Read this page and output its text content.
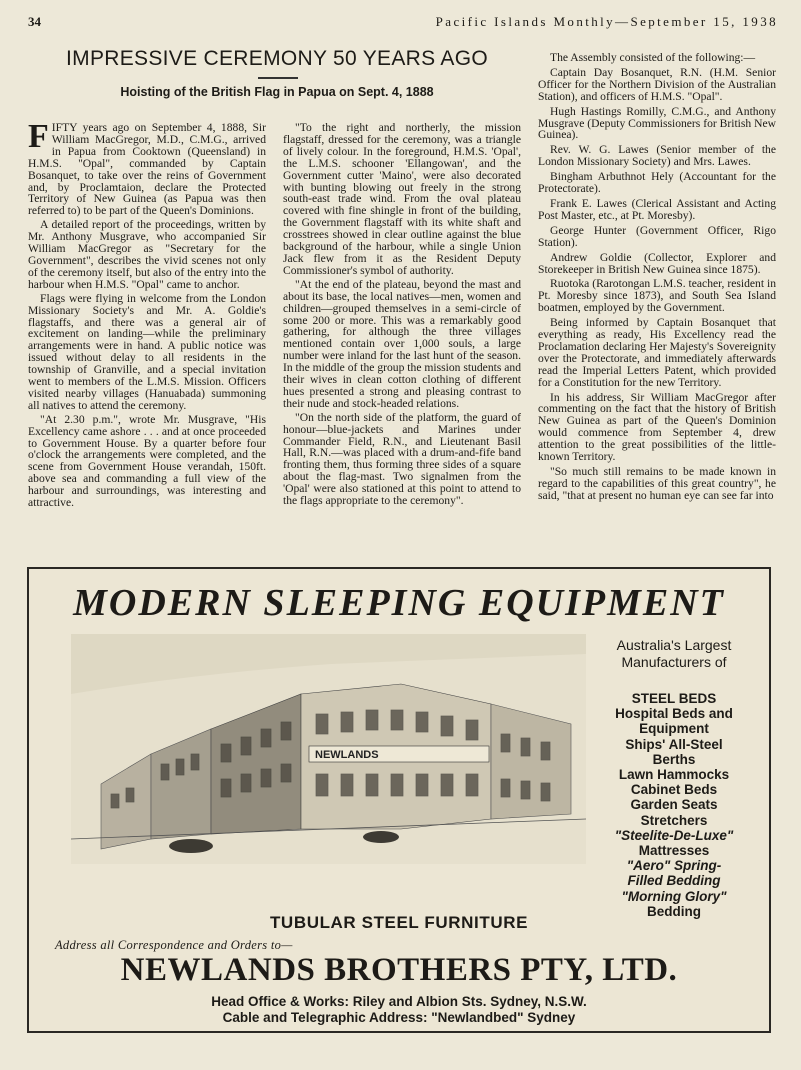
34	Pacific Islands Monthly—September 15, 1938
IMPRESSIVE CEREMONY 50 YEARS AGO
Hoisting of the British Flag in Papua on Sept. 4, 1888

FIFTY years ago on September 4, 1888, Sir William MacGregor, M.D., C.M.G., arrived in Papua from Cooktown (Queensland) in H.M.S. "Opal", commanded by Captain Bosanquet, to take over the reins of Government and, by Proclamtaion, declare the Protected Territory of New Guinea (as Papua was then referred to) to be part of the Queen's Dominions.

A detailed report of the proceedings, written by Mr. Anthony Musgrave, who accompanied Sir William MacGregor as "Secretary for the Government", describes the vivid scenes not only of the ceremony itself, but also of the entry into the harbour when H.M.S. "Opal" came to anchor.

Flags were flying in welcome from the London Missionary Society's and Mr. A. Goldie's flagstaffs, and there was a general air of excitement on landing—while the preliminary arrangements were in hand. A public notice was issued without delay to all residents in the township of Granville, and a special invitation went to members of the L.M.S. Mission. Officers visited nearby villages (Hanuabada) summoning all natives to attend the ceremony.

"At 2.30 p.m.", wrote Mr. Musgrave, "His Excellency came ashore . . . and at once proceeded to Government House. By a quarter before four o'clock the arrangements were completed, and the scene from Government House verandah, 150ft. above sea and commanding a full view of the harbour and surroundings, was interesting and attractive.

"To the right and northerly, the mission flagstaff, dressed for the ceremony, was a triangle of lively colour. In the foreground, H.M.S. 'Opal', the L.M.S. schooner 'Ellangowan', and the Government cutter 'Maino', were also decorated with bunting blowing out freely in the strong south-east trade wind. From the oval plateau covered with fine shingle in front of the building, the Government flagstaff with its white shaft and crosstrees showed in clear outline against the blue background of the harbour, while a single Union Jack flew from it as the Resident Deputy Commissioner's symbol of authority.

"At the end of the plateau, beyond the mast and about its base, the local natives—men, women and children—grouped themselves in a semi-circle of some 200 or more. This was a remarkably good gathering, for although the three villages mentioned contain over 1,000 souls, a large number were inland for the last hunt of the season. In the middle of the group the mission students and their wives in clean cotton clothing of different hues presented a strong and pleasing contrast to their nude and stock-headed relations.

"On the north side of the platform, the guard of honour—blue-jackets and Marines under Commander Field, R.N., and Lieutenant Basil Hall, R.N.—was placed with a drum-and-fife band fronting them, thus forming three sides of a square about the flag-mast. Two signalmen from the 'Opal' were also stationed at this point to attend to the flags appropriate to the ceremony".

The Assembly consisted of the following:—

Captain Day Bosanquet, R.N. (H.M. Senior Officer for the Northern Division of the Australian Station), and officers of H.M.S. "Opal".

Hugh Hastings Romilly, C.M.G., and Anthony Musgrave (Deputy Commissioners for British New Guinea).

Rev. W. G. Lawes (Senior member of the London Missionary Society) and Mrs. Lawes.

Bingham Arbuthnot Hely (Accountant for the Protectorate).

Frank E. Lawes (Clerical Assistant and Acting Post Master, etc., at Pt. Moresby).

George Hunter (Government Officer, Rigo Station).

Andrew Goldie (Collector, Explorer and Storekeeper in British New Guinea since 1875).

Ruotoka (Rarotongan L.M.S. teacher, resident in Pt. Moresby since 1873), and South Sea Island boatmen, employed by the Government.

Being informed by Captain Bosanquet that everything as ready, His Excellency read the Proclamation declaring Her Majesty's Sovereignity over the Protectorate, and immediately afterwards read the Imperial Letters Patent, which provided for a Constitution for the new Territory.

In his address, Sir William MacGregor after commenting on the fact that the history of British New Guinea as part of the Queen's Dominion would commence from September 4, drew attention to the great possibilities of the little-known Territory.

"So much still remains to be made known in regard to the capabilities of this great country", he said, "that at present no human eye can see far into

MODERN SLEEPING EQUIPMENT
NEWLANDS
Australia's Largest Manufacturers of
STEEL BEDS
Hospital Beds and
Equipment
Ships' All-Steel
Berths
Lawn Hammocks
Cabinet Beds
Garden Seats
Stretchers
"Steelite-De-Luxe"
Mattresses
"Aero" Spring-
Filled Bedding
"Morning Glory"
Bedding
TUBULAR STEEL FURNITURE
Address all Correspondence and Orders to—
NEWLANDS BROTHERS PTY, LTD.
Head Office & Works: Riley and Albion Sts. Sydney, N.S.W.
Cable and Telegraphic Address: "Newlandbed" Sydney
